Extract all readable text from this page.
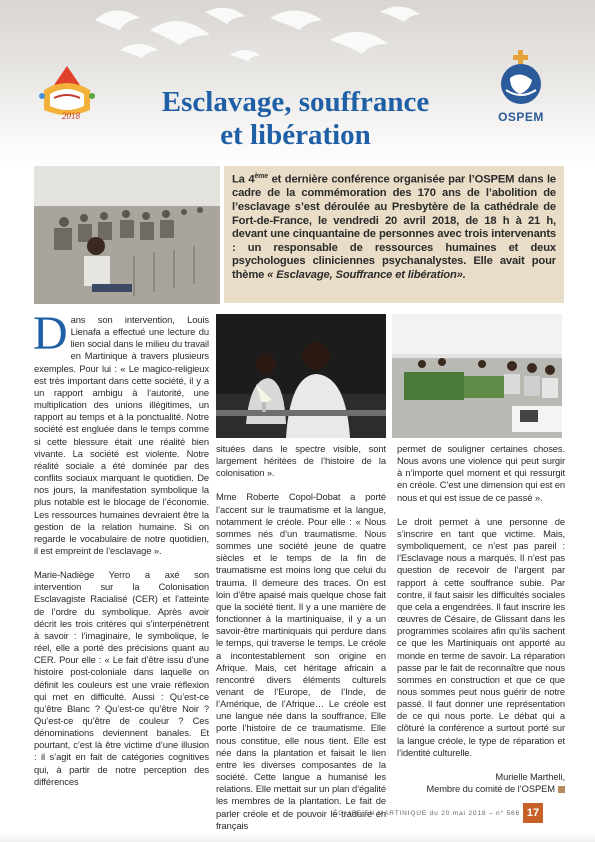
2018	OSPEM
Esclavage, souffrance
et libération
La 4ème et dernière conférence organisée par l’OSPEM dans le cadre de la commémoration des 170 ans de l’abolition de l’esclavage s’est déroulée au Presbytère de la cathédrale de Fort-de-France, le vendredi 20 avril 2018, de 18 h à 21 h, devant une cinquantaine de personnes avec trois intervenants : un responsable de ressources humaines et deux psychologues cliniciennes psychanalystes. Elle avait pour thème « Esclavage, Souffrance et libération».

Dans son intervention, Louis Lienafa a effectué une lecture du lien social dans le milieu du travail en Martinique à travers plusieurs exemples. Pour lui : « Le magico-religieux est très important dans cette société, il y a un rapport ambigu à l’autorité, une multiplication des unions illégitimes, un rapport au temps et à la ponctualité. Notre société est engluée dans le temps comme si cette blessure était une réalité bien vivante. La société est violente. Notre réalité sociale a été dominée par des conflits sociaux marquant le quotidien. De nos jours, la manifestation symbolique la plus notable est le blocage de l’économie. Les ressources humaines devraient être la gestion de la relation humaine. Si on regarde le vocabulaire de notre quotidien, il est empreint de l’esclavage ».

Marie-Nadiège Yerro a axé son intervention sur la Colonisation Esclavagiste Racialisé (CER) et l’atteinte de l’ordre du symbolique. Après avoir décrit les trois critères qui s’interpénètrent à savoir : l’imaginaire, le symbolique, le réel, elle a porté des précisions quant au CER. Pour elle : « Le fait d’être issu d’une histoire post-coloniale dans laquelle on définit les couleurs est une vraie réflexion qui met en difficulté. Aussi : Qu’est-ce qu’être Blanc ? Qu’est-ce qu’être Noir ? Qu’est-ce qu’être de couleur ? Ces dénominations deviennent banales. Et pourtant, c’est là être victime d’une illusion : il s’agit en fait de catégories cognitives qui, à partir de notre perception des différences

situées dans le spectre visible, sont largement héritées de l’histoire de la colonisation ».

Mme Roberte Copol-Dobat a porté l’accent sur le traumatisme et la langue, notamment le créole. Pour elle : « Nous sommes nés d’un traumatisme. Nous sommes une société jeune de quatre siècles et le temps de la fin de traumatisme est moins long que celui du trauma. Il demeure des traces. On est loin d’être apaisé mais quelque chose fait que la société tient. Il y a une manière de fonctionner à la martiniquaise, il y a un savoir-être martiniquais qui perdure dans le temps, qui traverse le temps. Le créole a incontestablement son origine en Afrique. Mais, cet héritage africain a rencontré divers éléments culturels venant de l’Europe, de l’Inde, de l’Amérique, de l’Afrique… Le créole est une langue née dans la souffrance. Elle porte l’histoire de ce traumatisme. Elle nous constitue, elle nous tient. Elle est née dans la plantation et faisait le lien entre les diverses composantes de la société. Cette langue a humanisé les relations. Elle mettait sur un plan d’égalité les membres de la plantation. Le fait de parler créole et de pouvoir le traduire en français

permet de souligner certaines choses. Nous avons une violence qui peut surgir à n’importe quel moment et qui ressurgit en créole. C’est une dimension qui est en nous et qui est issue de ce passé ».

Le droit permet à une personne de s’inscrire en tant que victime. Mais, symboliquement, ce n’est pas pareil : l’Esclavage nous a marqués. Il n’est pas question de recevoir de l’argent par rapport à cette souffrance subie. Par contre, il faut saisir les difficultés sociales que cela a engendrées. Il faut inscrire les œuvres de Césaire, de Glissant dans les programmes scolaires afin qu’ils sachent ce que les Martiniquais ont apporté au monde en terme de savoir. La réparation passe par le fait de reconnaître que nous sommes en construction et que ce que nous sommes peut nous guérir de notre passé. Il faut donner une représentation de ce qui nous porte. Le débat qui a clôturé la conférence a surtout porté sur la langue créole, le type de réparation et l’identité culturelle.

Murielle Martheli,

Membre du comité de l’OSPEM

ÉGLISE EN MARTINIQUE du 20 mai 2018 – n° 566 17
